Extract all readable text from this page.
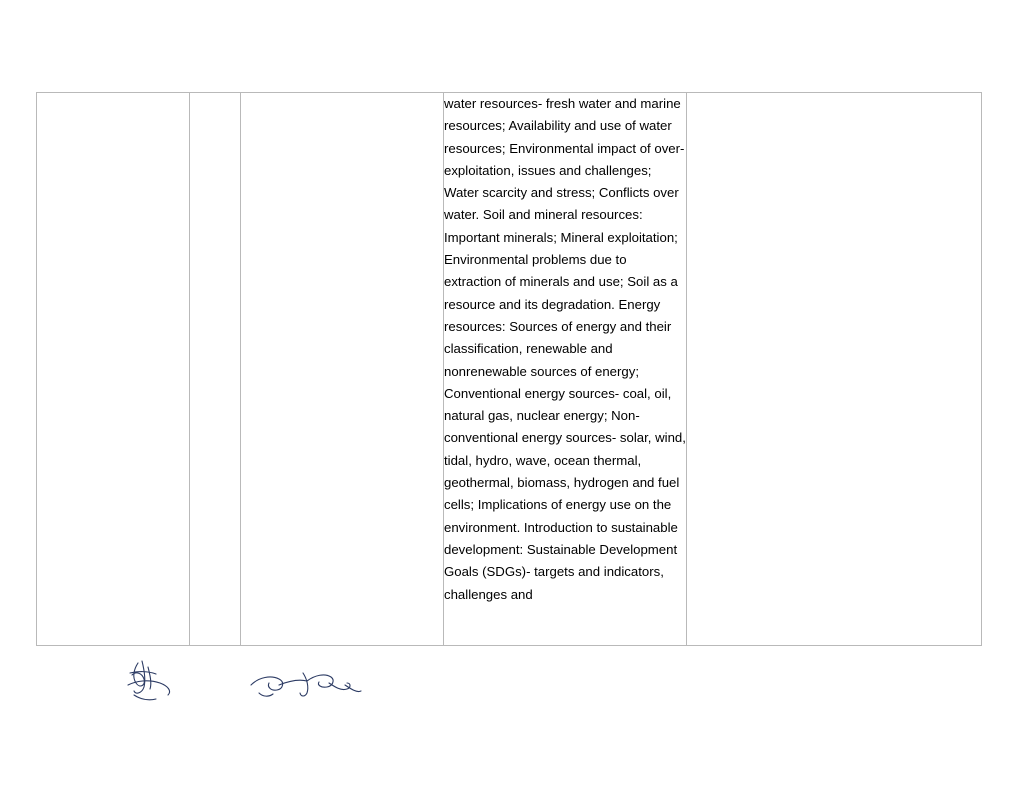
water resources- fresh water and marine resources; Availability and use of water resources; Environmental impact of over-exploitation, issues and challenges; Water scarcity and stress; Conflicts over water. Soil and mineral resources: Important minerals; Mineral exploitation; Environmental problems due to extraction of minerals and use; Soil as a resource and its degradation. Energy resources: Sources of energy and their classification, renewable and nonrenewable sources of energy; Conventional energy sources- coal, oil, natural gas, nuclear energy; Non-conventional energy sources- solar, wind, tidal, hydro, wave, ocean thermal, geothermal, biomass, hydrogen and fuel cells; Implications of energy use on the environment. Introduction to sustainable development: Sustainable Development Goals (SDGs)- targets and indicators, challenges and
